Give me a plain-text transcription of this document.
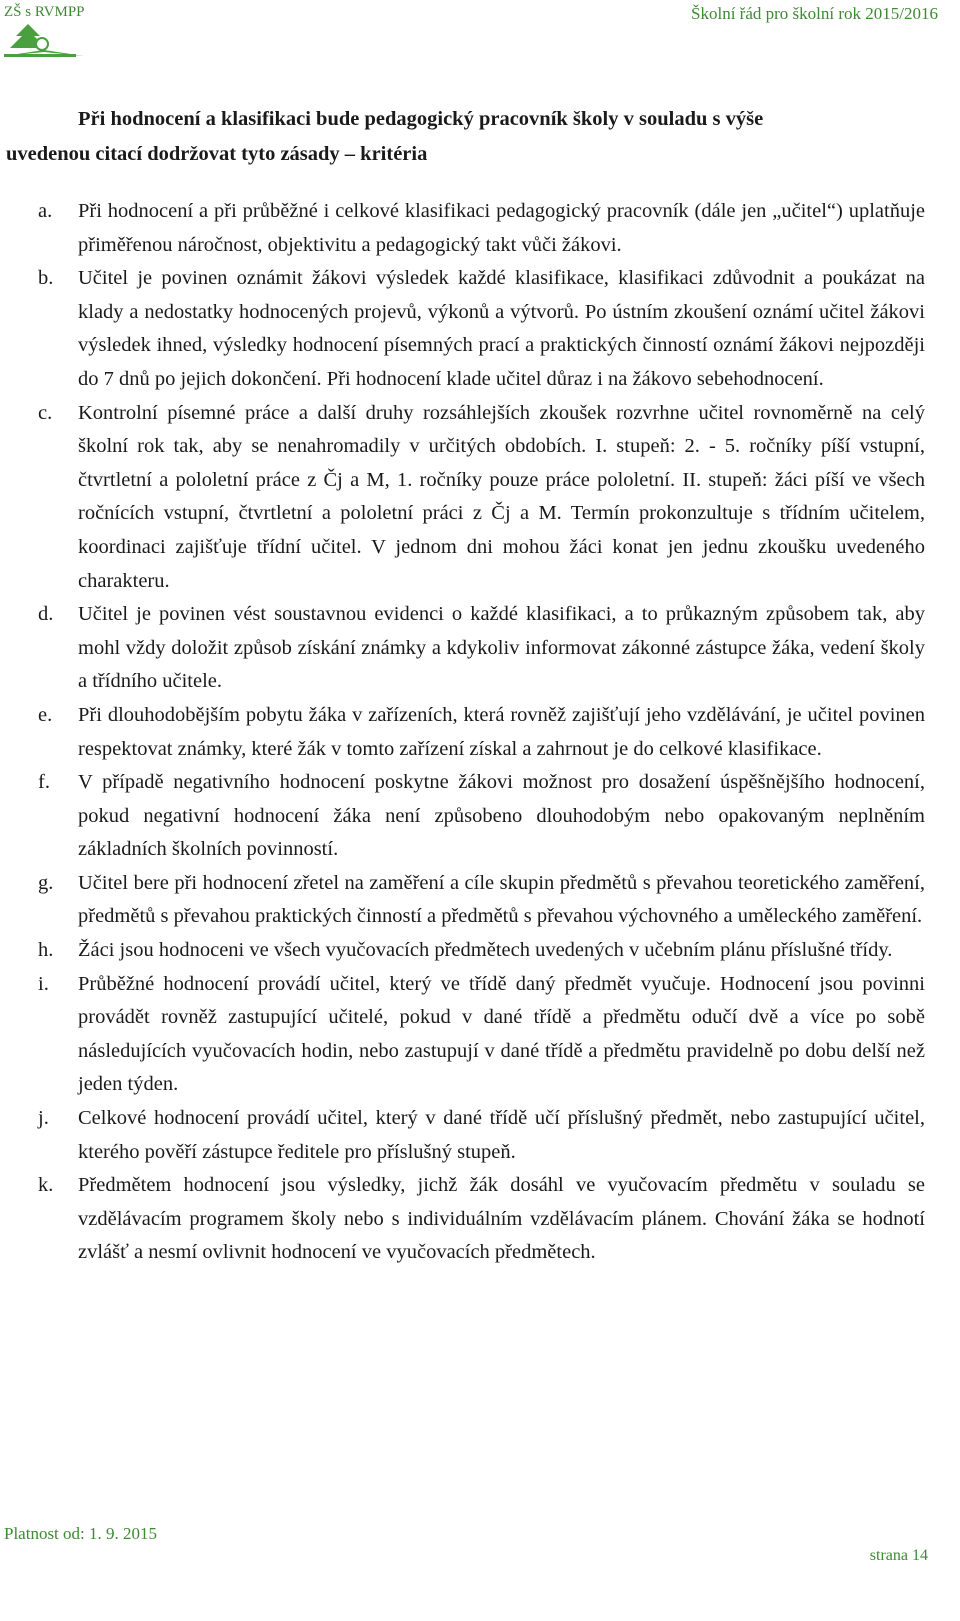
ZŠ s RVMPP	Školní řád pro školní rok 2015/2016
Při hodnocení a klasifikaci bude pedagogický pracovník školy v souladu s výše
uvedenou citací dodržovat tyto zásady – kritéria
a. Při hodnocení a při průběžné i celkové klasifikaci pedagogický pracovník (dále jen „učitel“) uplatňuje přiměřenou náročnost, objektivitu a pedagogický takt vůči žákovi.
b. Učitel je povinen oznámit žákovi výsledek každé klasifikace, klasifikaci zdůvodnit a poukázat na klady a nedostatky hodnocených projevů, výkonů a výtvorů. Po ústním zkoušení oznámí učitel žákovi výsledek ihned, výsledky hodnocení písemných prací a praktických činností oznámí žákovi nejpozději do 7 dnů po jejich dokončení. Při hodnocení klade učitel důraz i na žákovo sebehodnocení.
c. Kontrolní písemné práce a další druhy rozsáhlejších zkoušek rozvrhne učitel rovnoměrně na celý školní rok tak, aby se nenahromadily v určitých obdobích. I. stupeň: 2. - 5. ročníky píší vstupní, čtvrtletní a pololetní práce z Čj a M, 1. ročníky pouze práce pololetní. II. stupeň: žáci píší ve všech ročnících vstupní, čtvrtletní a pololetní práci z Čj a M. Termín prokonzultuje s třídním učitelem, koordinaci zajišťuje třídní učitel. V jednom dni mohou žáci konat jen jednu zkoušku uvedeného charakteru.
d. Učitel je povinen vést soustavnou evidenci o každé klasifikaci, a to průkazným způsobem tak, aby mohl vždy doložit způsob získání známky a kdykoliv informovat zákonné zástupce žáka, vedení školy a třídního učitele.
e. Při dlouhodobějším pobytu žáka v zařízeních, která rovněž zajišťují jeho vzdělávání, je učitel povinen respektovat známky, které žák v tomto zařízení získal a zahrnout je do celkové klasifikace.
f. V případě negativního hodnocení poskytne žákovi možnost pro dosažení úspěšnějšího hodnocení, pokud negativní hodnocení žáka není způsobeno dlouhodobým nebo opakovaným neplněním základních školních povinností.
g. Učitel bere při hodnocení zřetel na zaměření a cíle skupin předmětů s převahou teoretického zaměření, předmětů s převahou praktických činností a předmětů s převahou výchovného a uměleckého zaměření.
h. Žáci jsou hodnoceni ve všech vyučovacích předmětech uvedených v učebním plánu příslušné třídy.
i. Průběžné hodnocení provádí učitel, který ve třídě daný předmět vyučuje. Hodnocení jsou povinni provádět rovněž zastupující učitelé, pokud v dané třídě a předmětu odučí dvě a více po sobě následujících vyučovacích hodin, nebo zastupují v dané třídě a předmětu pravidelně po dobu delší než jeden týden.
j. Celkové hodnocení provádí učitel, který v dané třídě učí příslušný předmět, nebo zastupující učitel, kterého pověří zástupce ředitele pro příslušný stupeň.
k. Předmětem hodnocení jsou výsledky, jichž žák dosáhl ve vyučovacím předmětu v souladu se vzdělávacím programem školy nebo s individuálním vzdělávacím plánem. Chování žáka se hodnotí zvlášť a nesmí ovlivnit hodnocení ve vyučovacích předmětech.
Platnost od: 1. 9. 2015
strana 14
